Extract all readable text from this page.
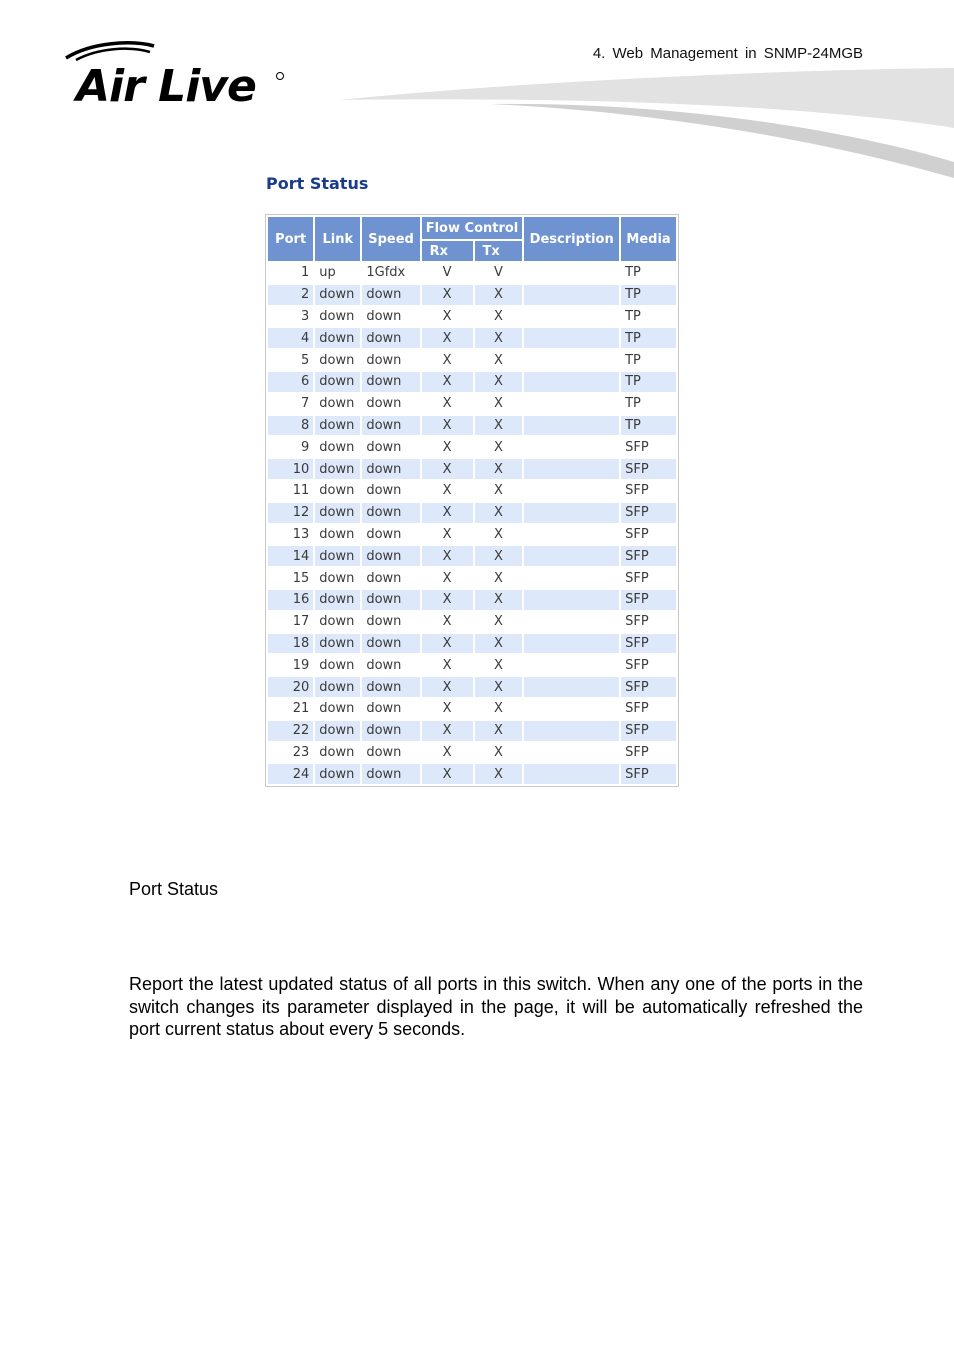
Air Live
4. Web Management in SNMP-24MGB
Port Status
Port	Link	Speed	Flow Control		Description	Media
			Rx	Tx		
1	up	1Gfdx	V	V		TP
2	down	down	X	X		TP
3	down	down	X	X		TP
4	down	down	X	X		TP
5	down	down	X	X		TP
6	down	down	X	X		TP
7	down	down	X	X		TP
8	down	down	X	X		TP
9	down	down	X	X		SFP
10	down	down	X	X		SFP
11	down	down	X	X		SFP
12	down	down	X	X		SFP
13	down	down	X	X		SFP
14	down	down	X	X		SFP
15	down	down	X	X		SFP
16	down	down	X	X		SFP
17	down	down	X	X		SFP
18	down	down	X	X		SFP
19	down	down	X	X		SFP
20	down	down	X	X		SFP
21	down	down	X	X		SFP
22	down	down	X	X		SFP
23	down	down	X	X		SFP
24	down	down	X	X		SFP
Port Status
Report the latest updated status of all ports in this switch. When any one of the ports in the switch changes its parameter displayed in the page, it will be automatically refreshed the port current status about every 5 seconds.
